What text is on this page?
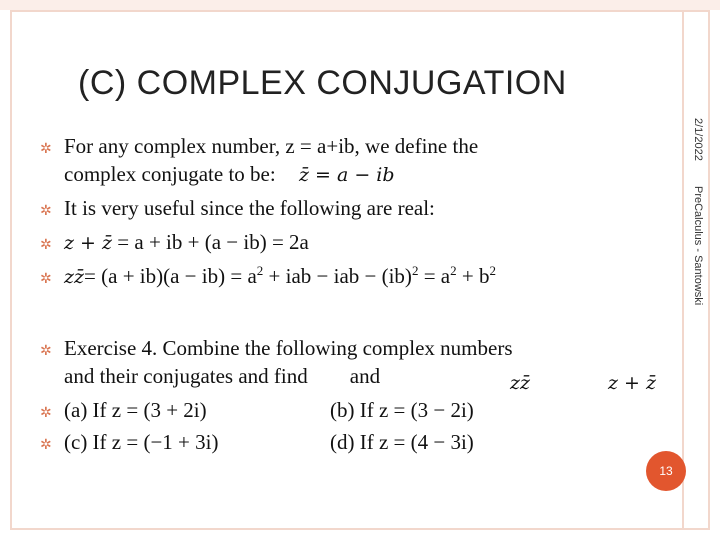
(C) COMPLEX CONJUGATION
2/1/2022
PreCalculus - Santowski
✲ For any complex number, z = a+ib, we define the
complex conjugate to be: z̄ = a − ib
✲ It is very useful since the following are real:
✲ z + z̄ = a + ib + (a − ib) = 2a
✲ zz̄= $(a + ib)(a - ib) = a^2$ + iab − iab − $(ib)^2 = a^2 + b^2$
✲ Exercise 4. Combine the following complex numbers
and their conjugates and find        and	zz̄	z + z̄
✲ (a) If z = (3 + 2i)	(b) If z = (3 − 2i)
✲ (c) If z = (−1 + 3i)	(d) If z = (4 − 3i)
13
